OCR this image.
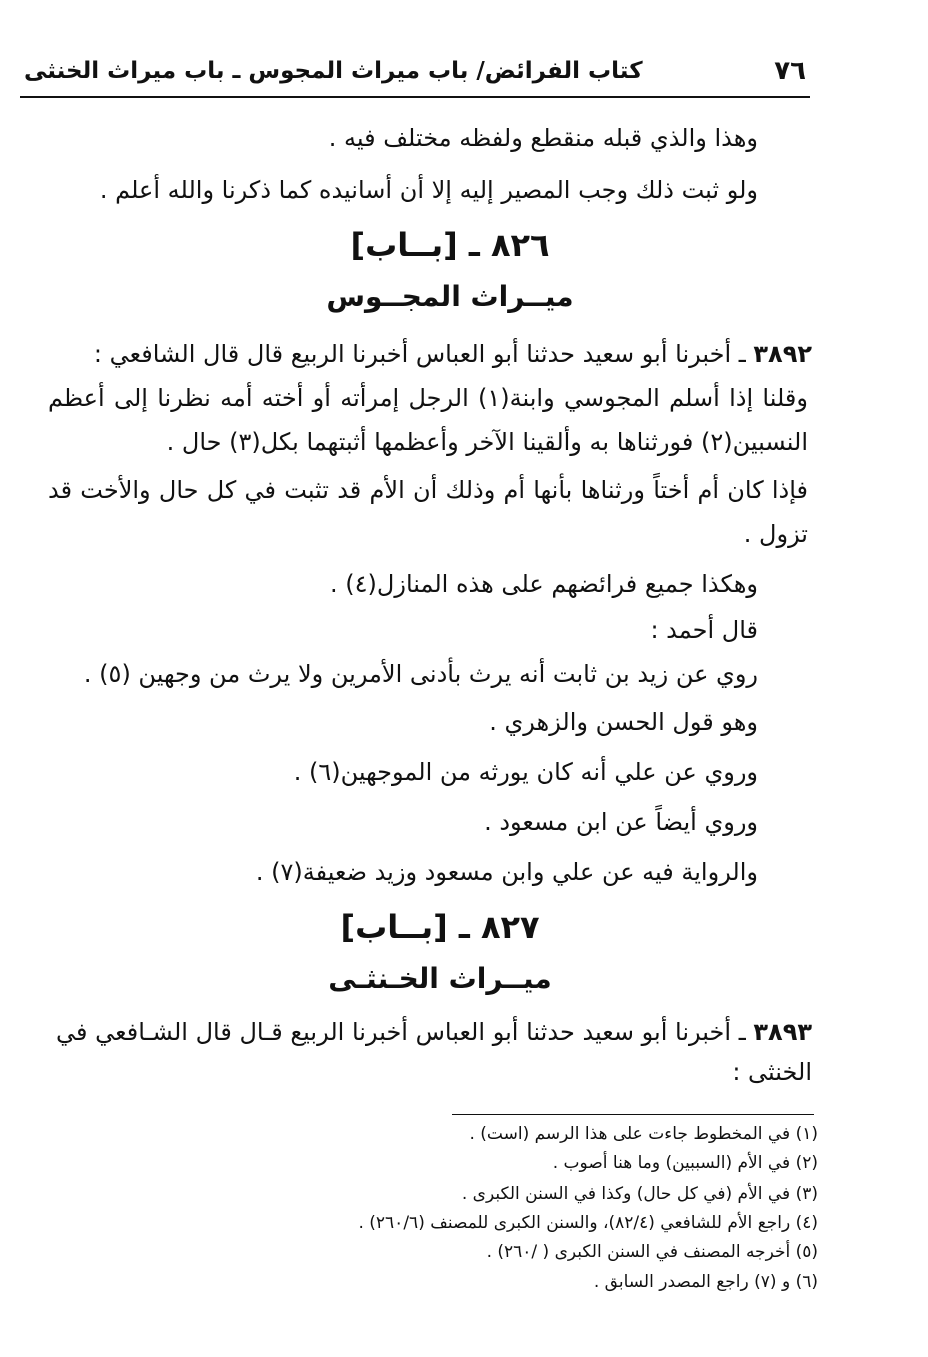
كتاب الفرائض/ باب ميراث المجوس ـ باب ميراث الخنثى	٧٦
وهذا والذي قبله منقطع ولفظه مختلف فيه .
ولو ثبت ذلك وجب المصير إليه إلا أن أسانيده كما ذكرنا والله أعلم .
٨٢٦ ـ [بــاب]
ميــراث المجــوس
٣٨٩٢ ـ أخبرنا أبو سعيد حدثنا أبو العباس أخبرنا الربيع قال قال الشافعي :
وقلنا إذا أسلم المجوسي وابنة(١) الرجل إمرأته أو أخته أمه نظرنا إلى أعظم
النسبين(٢) فورثناها به وألقينا الآخر وأعظمها أثبتهما بكل(٣) حال .
فإذا كان أم أختاً ورثناها بأنها أم وذلك أن الأم قد تثبت في كل حال والأخت قد
تزول .
وهكذا جميع فرائضهم على هذه المنازل(٤) .
قال أحمد :
روي عن زيد بن ثابت أنه يرث بأدنى الأمرين ولا يرث من وجهين (٥) .
وهو قول الحسن والزهري .
وروي عن علي أنه كان يورثه من الموجهين(٦) .
وروي أيضاً عن ابن مسعود .
والرواية فيه عن علي وابن مسعود وزيد ضعيفة(٧) .
٨٢٧ ـ [بــاب]
ميــراث الخـنثـى
٣٨٩٣ ـ أخبرنا أبو سعيد حدثنا أبو العباس أخبرنا الربيع قـال قال الشـافعي في
الخنثى :
(١) في المخطوط جاءت على هذا الرسم (است) .
(٢) في الأم (السببين) وما هنا أصوب .
(٣) في الأم (في كل حال) وكذا في السنن الكبرى .
(٤) راجع الأم للشافعي (٨٢/٤)، والسنن الكبرى للمصنف (٢٦٠/٦) .
(٥) أخرجه المصنف في السنن الكبرى ( /٢٦٠) .
(٦) و (٧) راجع المصدر السابق .
